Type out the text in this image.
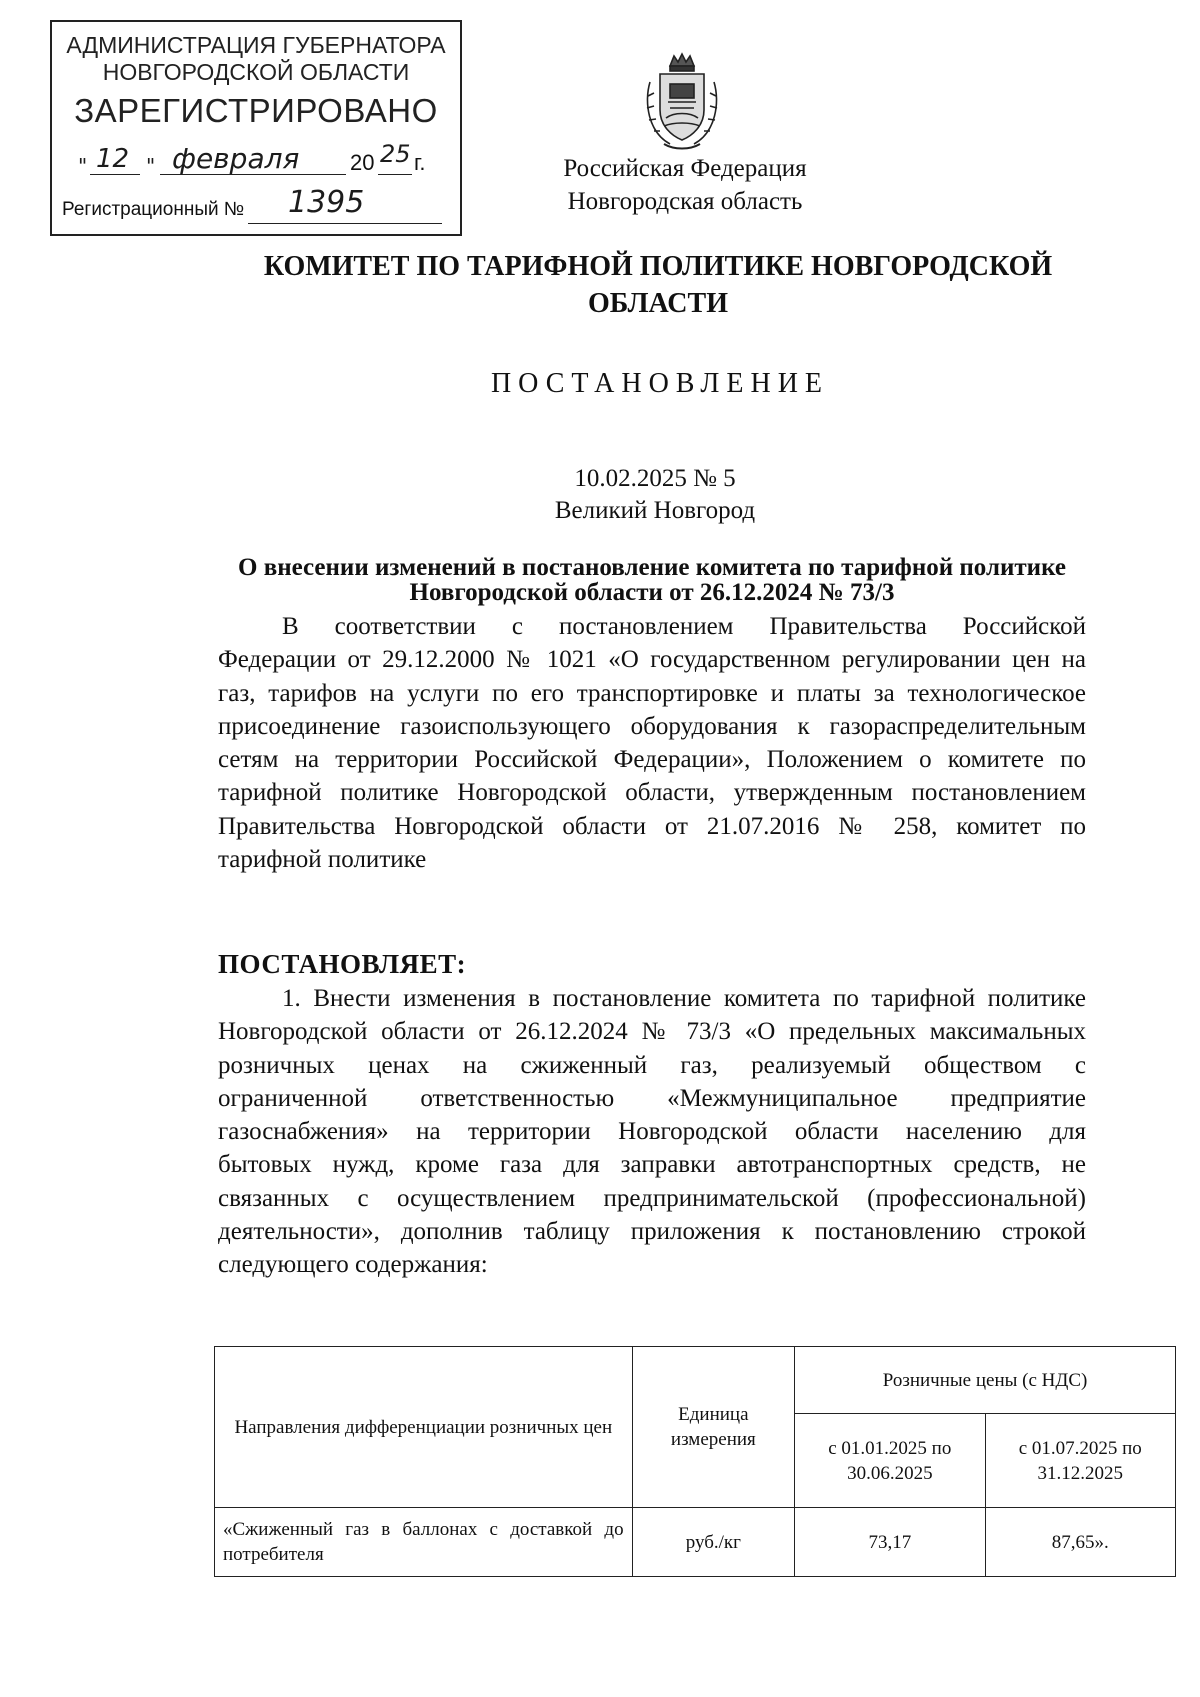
АДМИНИСТРАЦИЯ ГУБЕРНАТОРА
НОВГОРОДСКОЙ ОБЛАСТИ
ЗАРЕГИСТРИРОВАНО
" 12 " февраля 20 25 г.
Регистрационный № 1395
Российская Федерация
Новгородская область
КОМИТЕТ ПО ТАРИФНОЙ ПОЛИТИКЕ НОВГОРОДСКОЙ
ОБЛАСТИ
ПОСТАНОВЛЕНИЕ
10.02.2025 № 5
Великий Новгород
О внесении изменений в постановление комитета по тарифной политике
Новгородской области от 26.12.2024 № 73/3
В соответствии с постановлением Правительства Российской
Федерации от 29.12.2000 № 1021 «О государственном регулировании цен на
газ, тарифов на услуги по его транспортировке и платы за технологическое
присоединение газоиспользующего оборудования к газораспределительным
сетям на территории Российской Федерации», Положением о комитете по
тарифной политике Новгородской области, утвержденным постановлением
Правительства Новгородской области от 21.07.2016 № 258, комитет по
тарифной политике
ПОСТАНОВЛЯЕТ:
1. Внести изменения в постановление комитета по тарифной политике
Новгородской области от 26.12.2024 № 73/3 «О предельных максимальных
розничных ценах на сжиженный газ, реализуемый обществом с
ограниченной ответственностью «Межмуниципальное предприятие
газоснабжения» на территории Новгородской области населению для
бытовых нужд, кроме газа для заправки автотранспортных средств, не
связанных с осуществлением предпринимательской (профессиональной)
деятельности», дополнив таблицу приложения к постановлению строкой
следующего содержания:
Направления дифференциации розничных цен	Единица измерения	Розничные цены (с НДС)	
		с 01.01.2025 по 30.06.2025	с 01.07.2025 по 31.12.2025
«Сжиженный газ в баллонах с доставкой до потребителя	руб./кг	73,17	87,65».
